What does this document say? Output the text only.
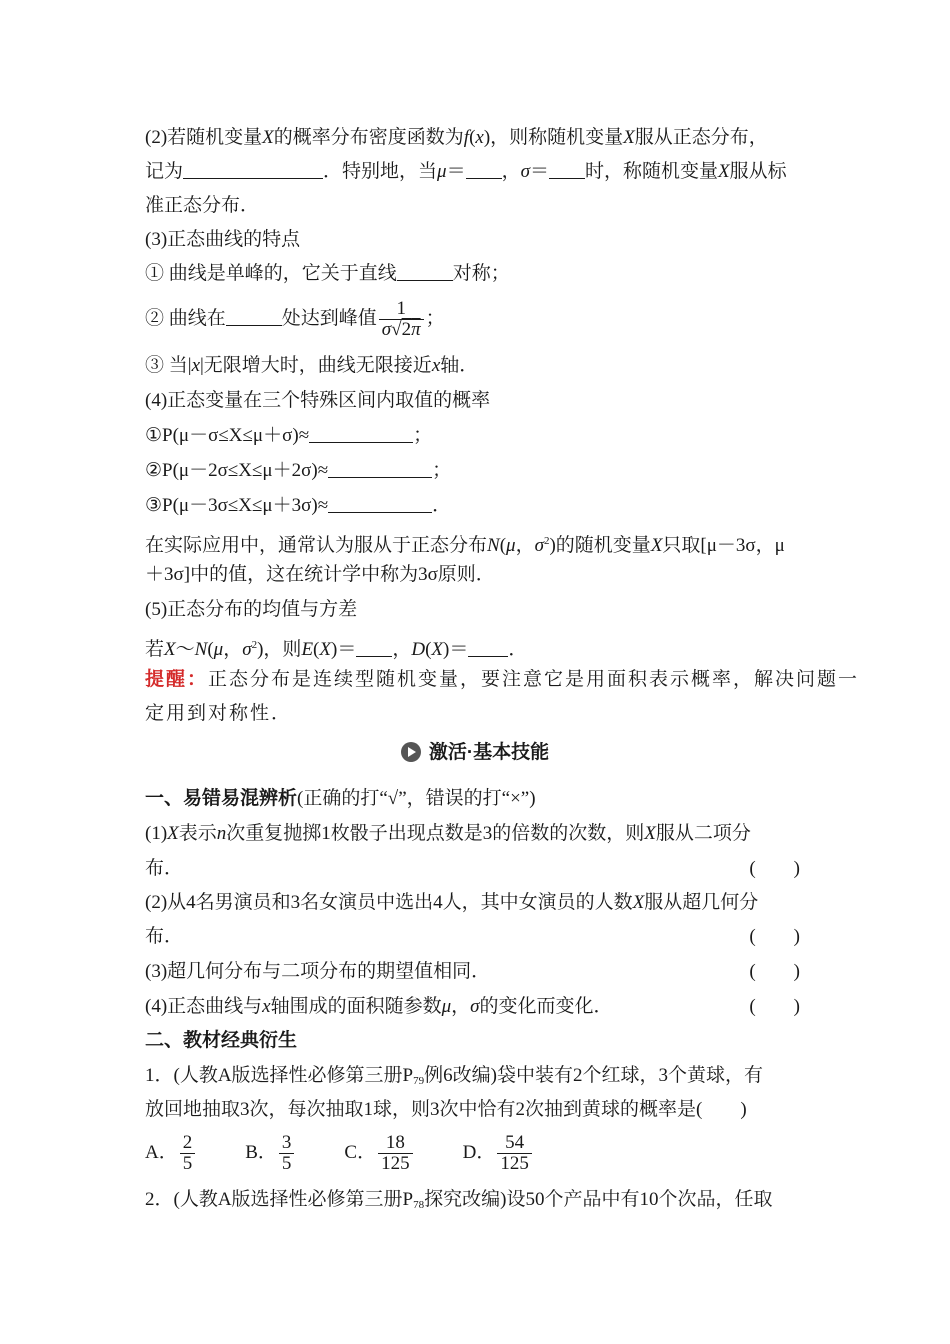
(2)若随机变量X的概率分布密度函数为f(x)，则称随机变量X服从正态分布，
记为	．特别地，当μ＝ ，σ＝ 时，称随机变量X服从标
准正态分布．
(3)正态曲线的特点
① 曲线是单峰的，它关于直线	对称；
② 曲线在	处达到峰值 $\frac{1}{\sigma√2\pi}$ ；
③ 当|x|无限增大时，曲线无限接近x轴．
(4)正态变量在三个特殊区间内取值的概率
①P(μ－σ≤X≤μ＋σ)≈	；
②P(μ－2σ≤X≤μ＋2σ)≈	；
③P(μ－3σ≤X≤μ＋3σ)≈	．
在实际应用中，通常认为服从于正态分布N(μ，$\sigma^2$)的随机变量X只取[μ－3σ，μ
＋3σ]中的值，这在统计学中称为3σ原则．
(5)正态分布的均值与方差
若X～N(μ，$\sigma^2$)，则E(X)＝ ，D(X)＝ ．
提醒：正态分布是连续型随机变量，要注意它是用面积表示概率，解决问题一
定用到对称性．
激活·基本技能
一、易错易混辨析(正确的打“√”，错误的打“×”)
(1)X表示n次重复抛掷1枚骰子出现点数是3的倍数的次数，则X服从二项分
布．	(　　)
(2)从4名男演员和3名女演员中选出4人，其中女演员的人数X服从超几何分
布．	(　　)
(3)超几何分布与二项分布的期望值相同．	(　　)
(4)正态曲线与x轴围成的面积随参数μ，σ的变化而变化．	(　　)
二、教材经典衍生
1．(人教A版选择性必修第三册$P_{79}$例6改编)袋中装有2个红球，3个黄球，有
放回地抽取3次，每次抽取1球，则3次中恰有2次抽到黄球的概率是(　　)
A． $\frac{2}{5}$	B． $\frac{3}{5}$	C． $\frac{18}{125}$	D． $\frac{54}{125}$
2．(人教A版选择性必修第三册$P_{78}$探究改编)设50个产品中有10个次品，任取
